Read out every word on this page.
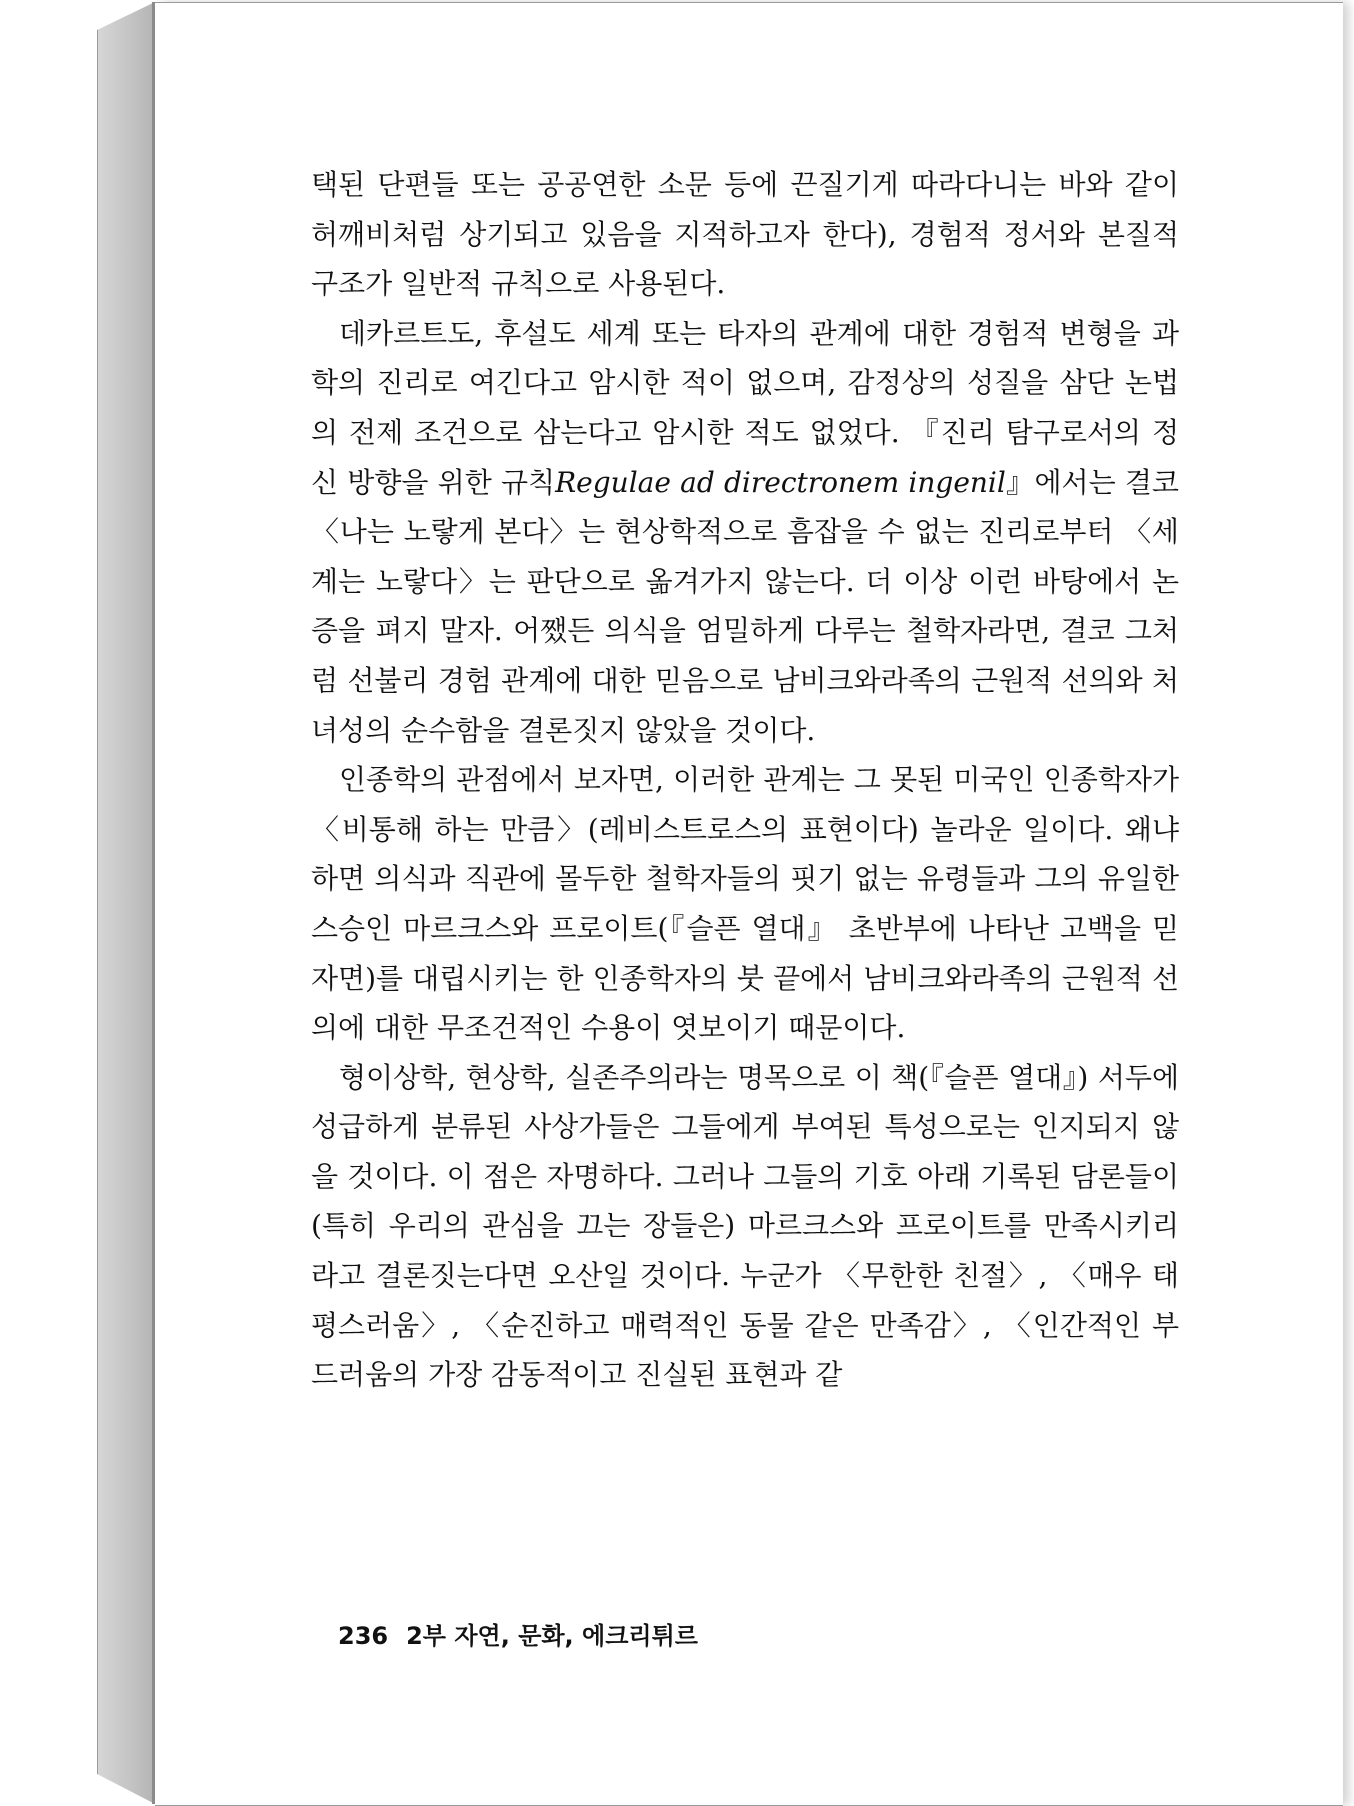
택된 단편들 또는 공공연한 소문 등에 끈질기게 따라다니는 바와 같이 허깨비처럼 상기되고 있음을 지적하고자 한다), 경험적 정서와 본질적 구조가 일반적 규칙으로 사용된다.

데카르트도, 후설도 세계 또는 타자의 관계에 대한 경험적 변형을 과학의 진리로 여긴다고 암시한 적이 없으며, 감정상의 성질을 삼단 논법의 전제 조건으로 삼는다고 암시한 적도 없었다. 『진리 탐구로서의 정신 방향을 위한 규칙Regulae ad directronem ingenil』에서는 결코 〈나는 노랗게 본다〉는 현상학적으로 흠잡을 수 없는 진리로부터 〈세계는 노랗다〉는 판단으로 옮겨가지 않는다. 더 이상 이런 바탕에서 논증을 펴지 말자. 어쨌든 의식을 엄밀하게 다루는 철학자라면, 결코 그처럼 선불리 경험 관계에 대한 믿음으로 남비크와라족의 근원적 선의와 처녀성의 순수함을 결론짓지 않았을 것이다.

인종학의 관점에서 보자면, 이러한 관계는 그 못된 미국인 인종학자가 〈비통해 하는 만큼〉(레비스트로스의 표현이다) 놀라운 일이다. 왜냐하면 의식과 직관에 몰두한 철학자들의 핏기 없는 유령들과 그의 유일한 스승인 마르크스와 프로이트(『슬픈 열대』 초반부에 나타난 고백을 믿자면)를 대립시키는 한 인종학자의 붓 끝에서 남비크와라족의 근원적 선의에 대한 무조건적인 수용이 엿보이기 때문이다.

형이상학, 현상학, 실존주의라는 명목으로 이 책(『슬픈 열대』) 서두에 성급하게 분류된 사상가들은 그들에게 부여된 특성으로는 인지되지 않을 것이다. 이 점은 자명하다. 그러나 그들의 기호 아래 기록된 담론들이 (특히 우리의 관심을 끄는 장들은) 마르크스와 프로이트를 만족시키리라고 결론짓는다면 오산일 것이다. 누군가 〈무한한 친절〉, 〈매우 태평스러움〉, 〈순진하고 매력적인 동물 같은 만족감〉, 〈인간적인 부드러움의 가장 감동적이고 진실된 표현과 같

236 2부 자연, 문화, 에크리튀르
